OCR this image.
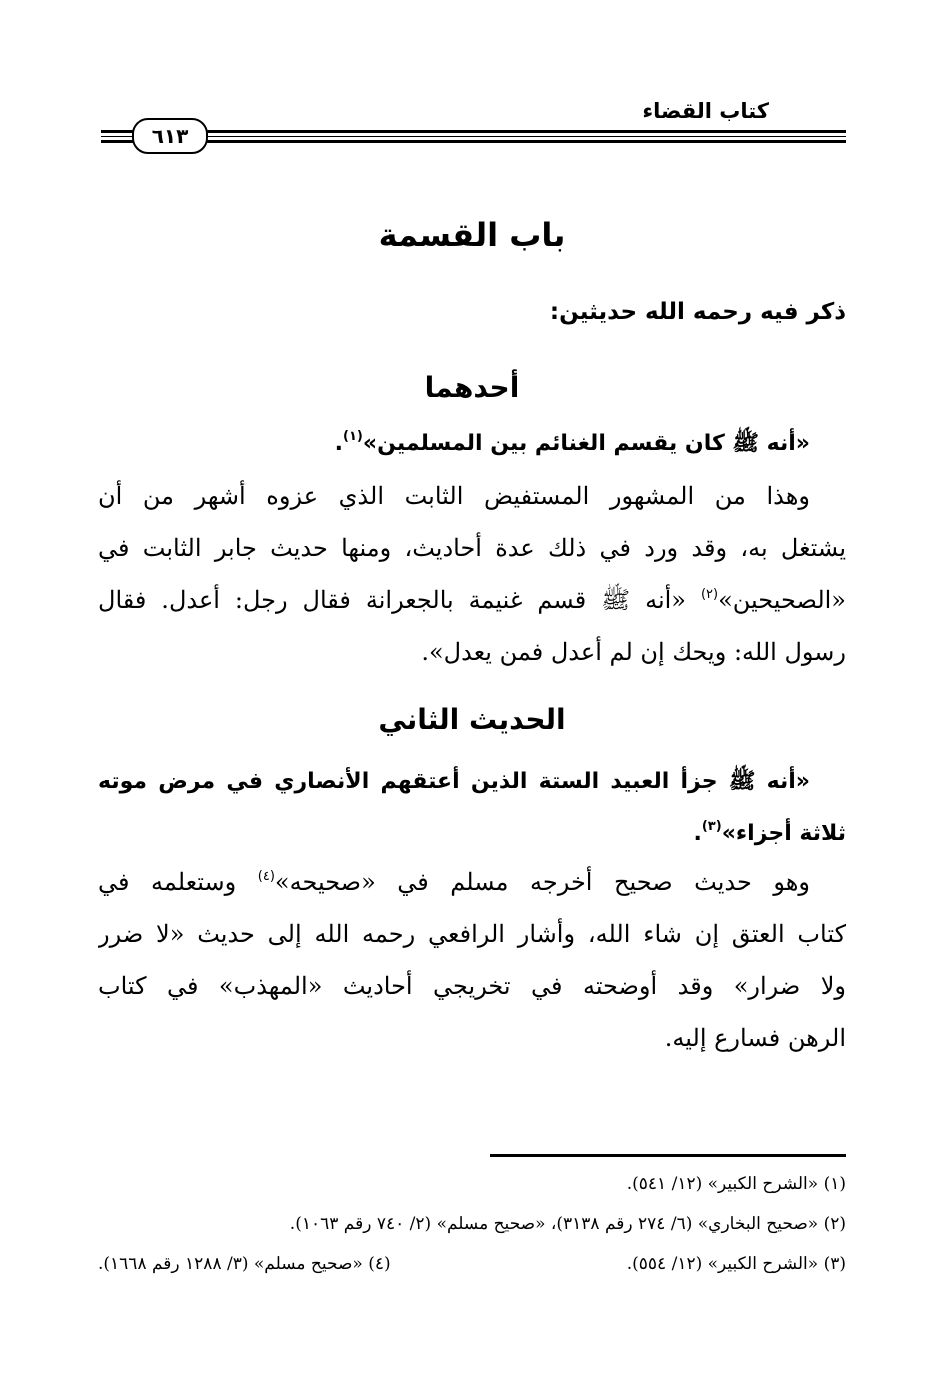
كتاب القضاء
٦١٣
باب القسمة
ذكر فيه رحمه الله حديثين:
أحدهما
«أنه ﷺ كان يقسم الغنائم بين المسلمين»$^{(١)}$.
وهذا من المشهور المستفيض الثابت الذي عزوه أشهر من أن
يشتغل به، وقد ورد في ذلك عدة أحاديث، ومنها حديث جابر الثابت في
«الصحيحين»$^{(٢)}$ «أنه ﷺ قسم غنيمة بالجعرانة فقال رجل: أعدل. فقال
رسول الله: ويحك إن لم أعدل فمن يعدل».
الحديث الثاني
«أنه ﷺ جزأ العبيد الستة الذين أعتقهم الأنصاري في مرض موته
ثلاثة أجزاء»$^{(٣)}$.
وهو حديث صحيح أخرجه مسلم في «صحيحه»$^{(٤)}$ وستعلمه في
كتاب العتق إن شاء الله، وأشار الرافعي رحمه الله إلى حديث «لا ضرر
ولا ضرار» وقد أوضحته في تخريجي أحاديث «المهذب» في كتاب
الرهن فسارع إليه.
(١) «الشرح الكبير» (١٢/ ٥٤١).
(٢) «صحيح البخاري» (٦/ ٢٧٤ رقم ٣١٣٨)، «صحيح مسلم» (٢/ ٧٤٠ رقم ١٠٦٣).
(٣) «الشرح الكبير» (١٢/ ٥٥٤).
(٤) «صحيح مسلم» (٣/ ١٢٨٨ رقم ١٦٦٨).
